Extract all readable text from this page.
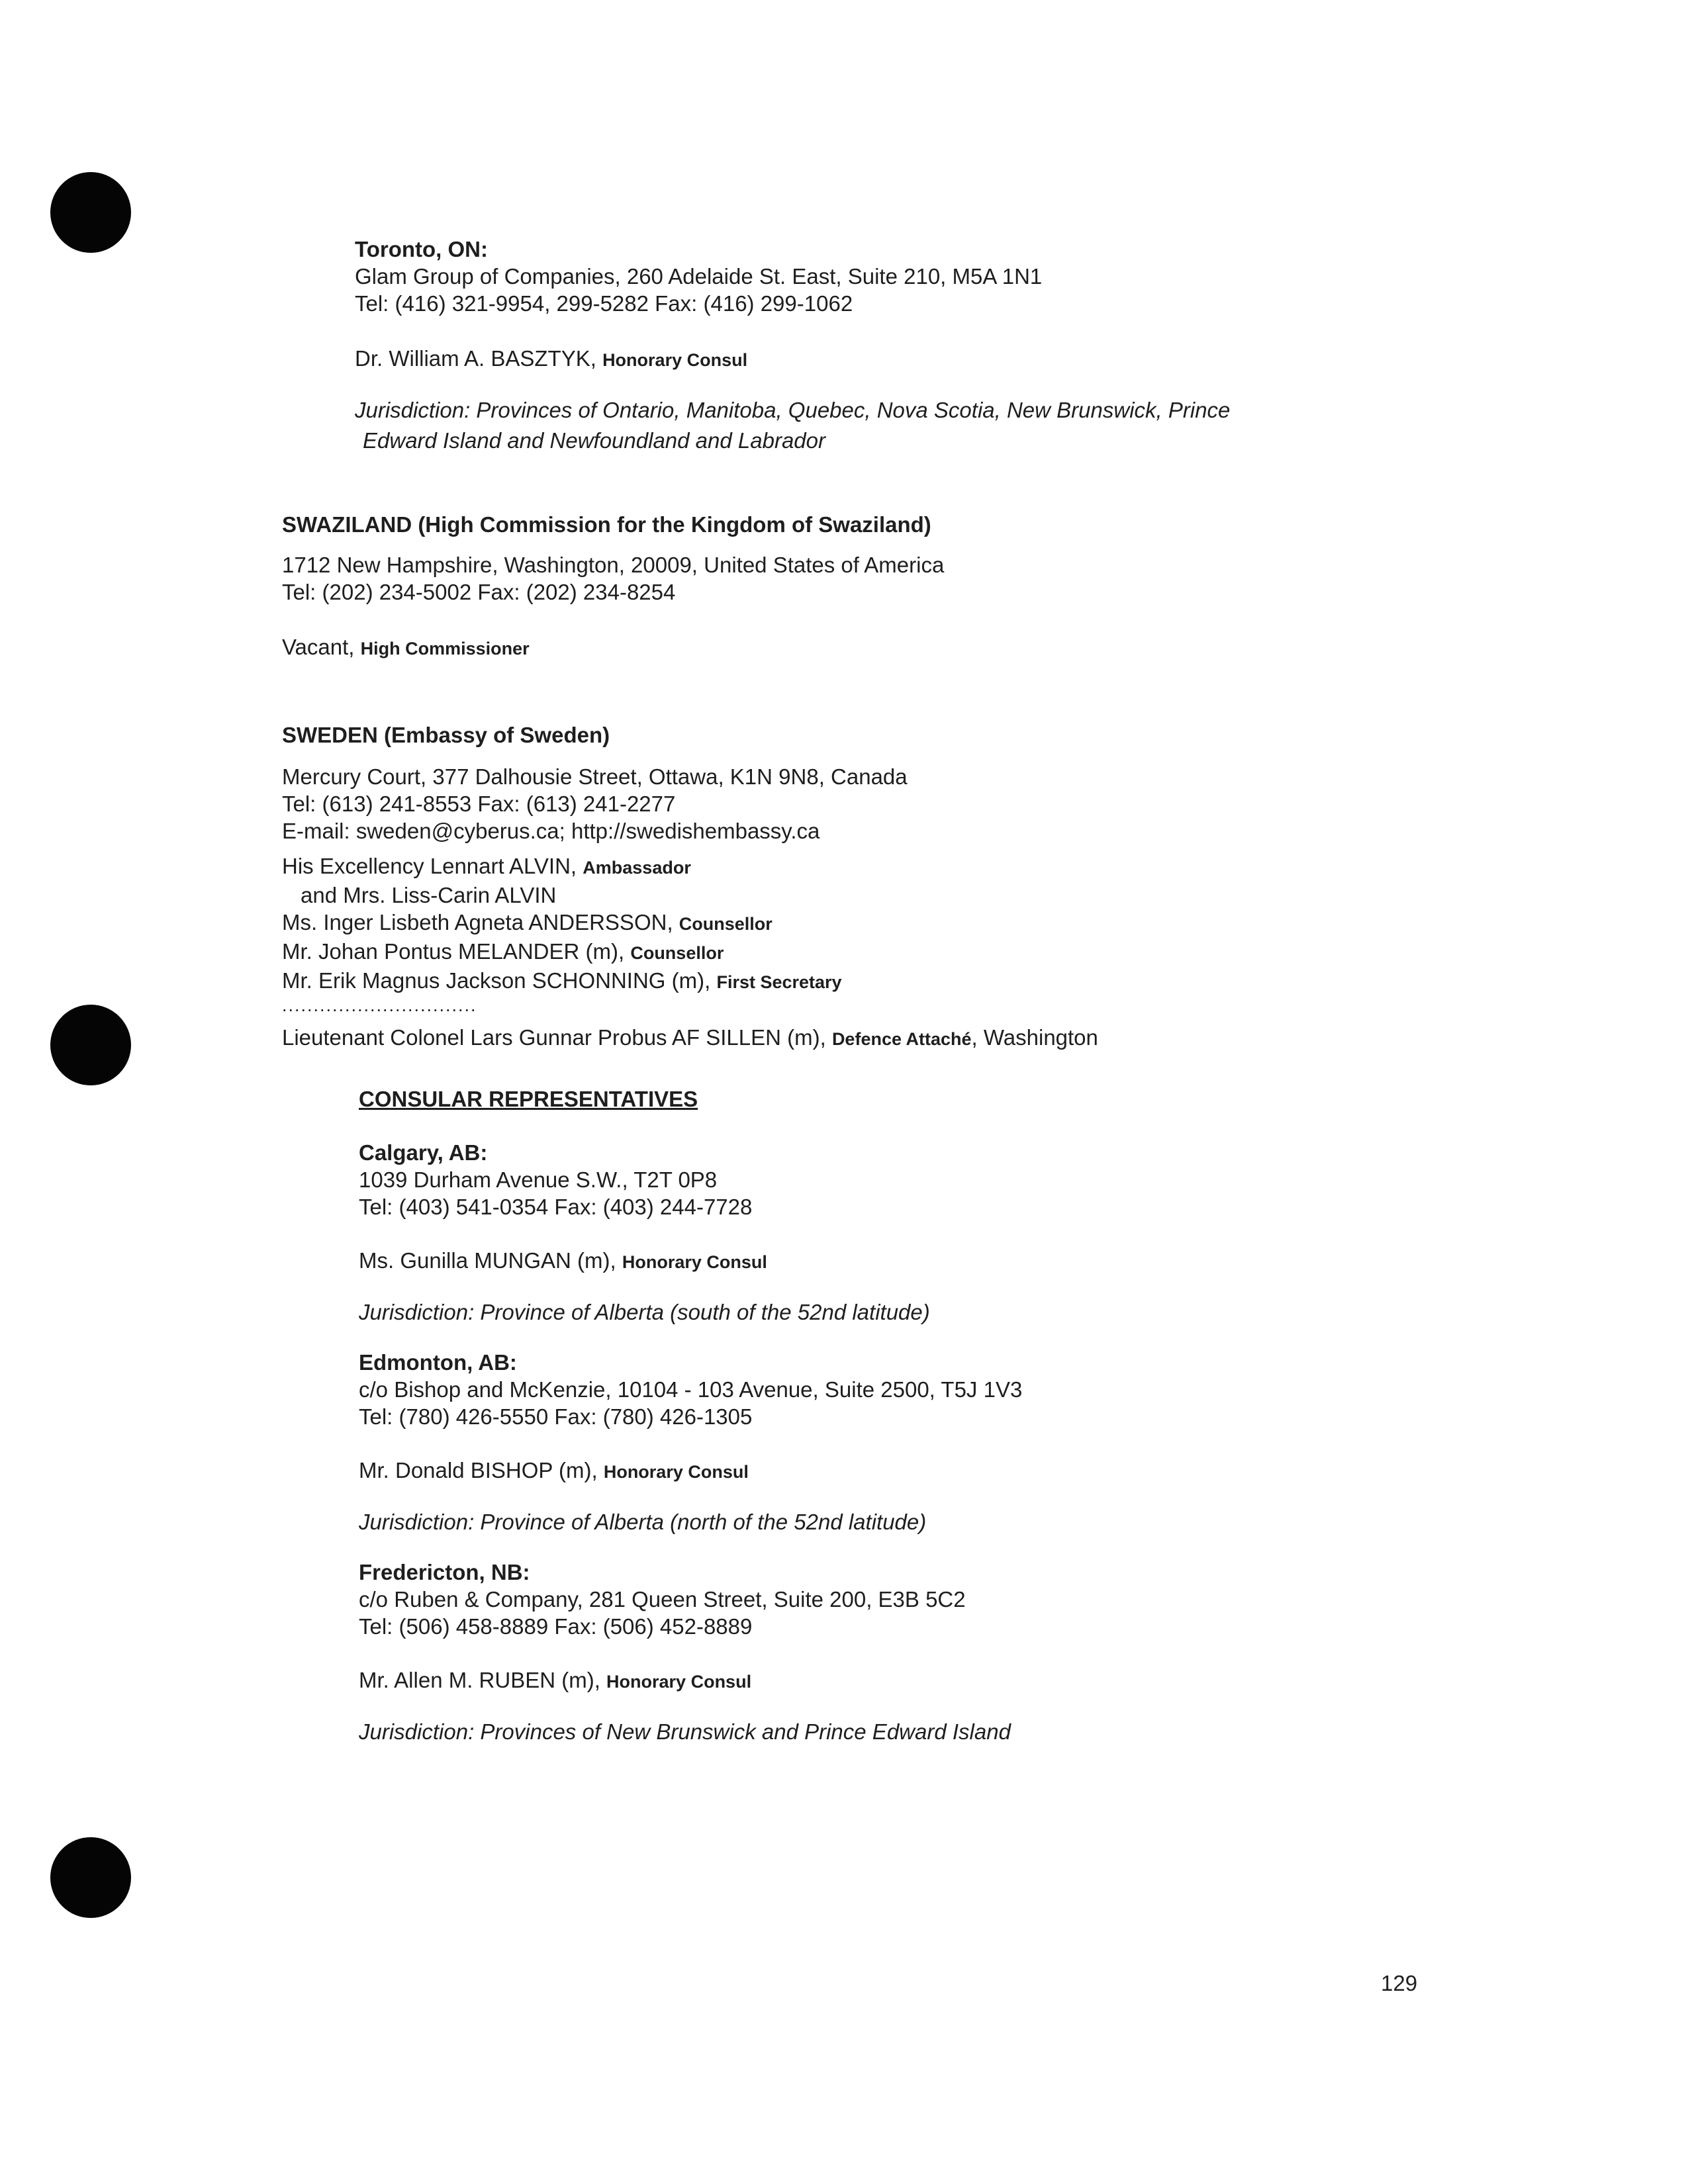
Toronto, ON:
Glam Group of Companies, 260 Adelaide St. East, Suite 210, M5A 1N1
Tel: (416) 321-9954, 299-5282 Fax: (416) 299-1062
Dr. William A. BASZTYK, Honorary Consul
Jurisdiction: Provinces of Ontario, Manitoba, Quebec, Nova Scotia, New Brunswick, Prince
Edward Island and Newfoundland and Labrador
SWAZILAND (High Commission for the Kingdom of Swaziland)
1712 New Hampshire, Washington, 20009, United States of America
Tel: (202) 234-5002 Fax: (202) 234-8254
Vacant, High Commissioner
SWEDEN (Embassy of Sweden)
Mercury Court, 377 Dalhousie Street, Ottawa, K1N 9N8, Canada
Tel: (613) 241-8553 Fax: (613) 241-2277
E-mail: sweden@cyberus.ca; http://swedishembassy.ca
His Excellency Lennart ALVIN, Ambassador
and Mrs. Liss-Carin ALVIN
Ms. Inger Lisbeth Agneta ANDERSSON, Counsellor
Mr. Johan Pontus MELANDER (m), Counsellor
Mr. Erik Magnus Jackson SCHONNING (m), First Secretary
...............................
Lieutenant Colonel Lars Gunnar Probus AF SILLEN (m), Defence Attaché, Washington
CONSULAR REPRESENTATIVES
Calgary, AB:
1039 Durham Avenue S.W., T2T 0P8
Tel: (403) 541-0354 Fax: (403) 244-7728
Ms. Gunilla MUNGAN (m), Honorary Consul
Jurisdiction: Province of Alberta (south of the 52nd latitude)
Edmonton, AB:
c/o Bishop and McKenzie, 10104 - 103 Avenue, Suite 2500, T5J 1V3
Tel: (780) 426-5550 Fax: (780) 426-1305
Mr. Donald BISHOP (m), Honorary Consul
Jurisdiction: Province of Alberta (north of the 52nd latitude)
Fredericton, NB:
c/o Ruben & Company, 281 Queen Street, Suite 200, E3B 5C2
Tel: (506) 458-8889 Fax: (506) 452-8889
Mr. Allen M. RUBEN (m), Honorary Consul
Jurisdiction: Provinces of New Brunswick and Prince Edward Island
129
